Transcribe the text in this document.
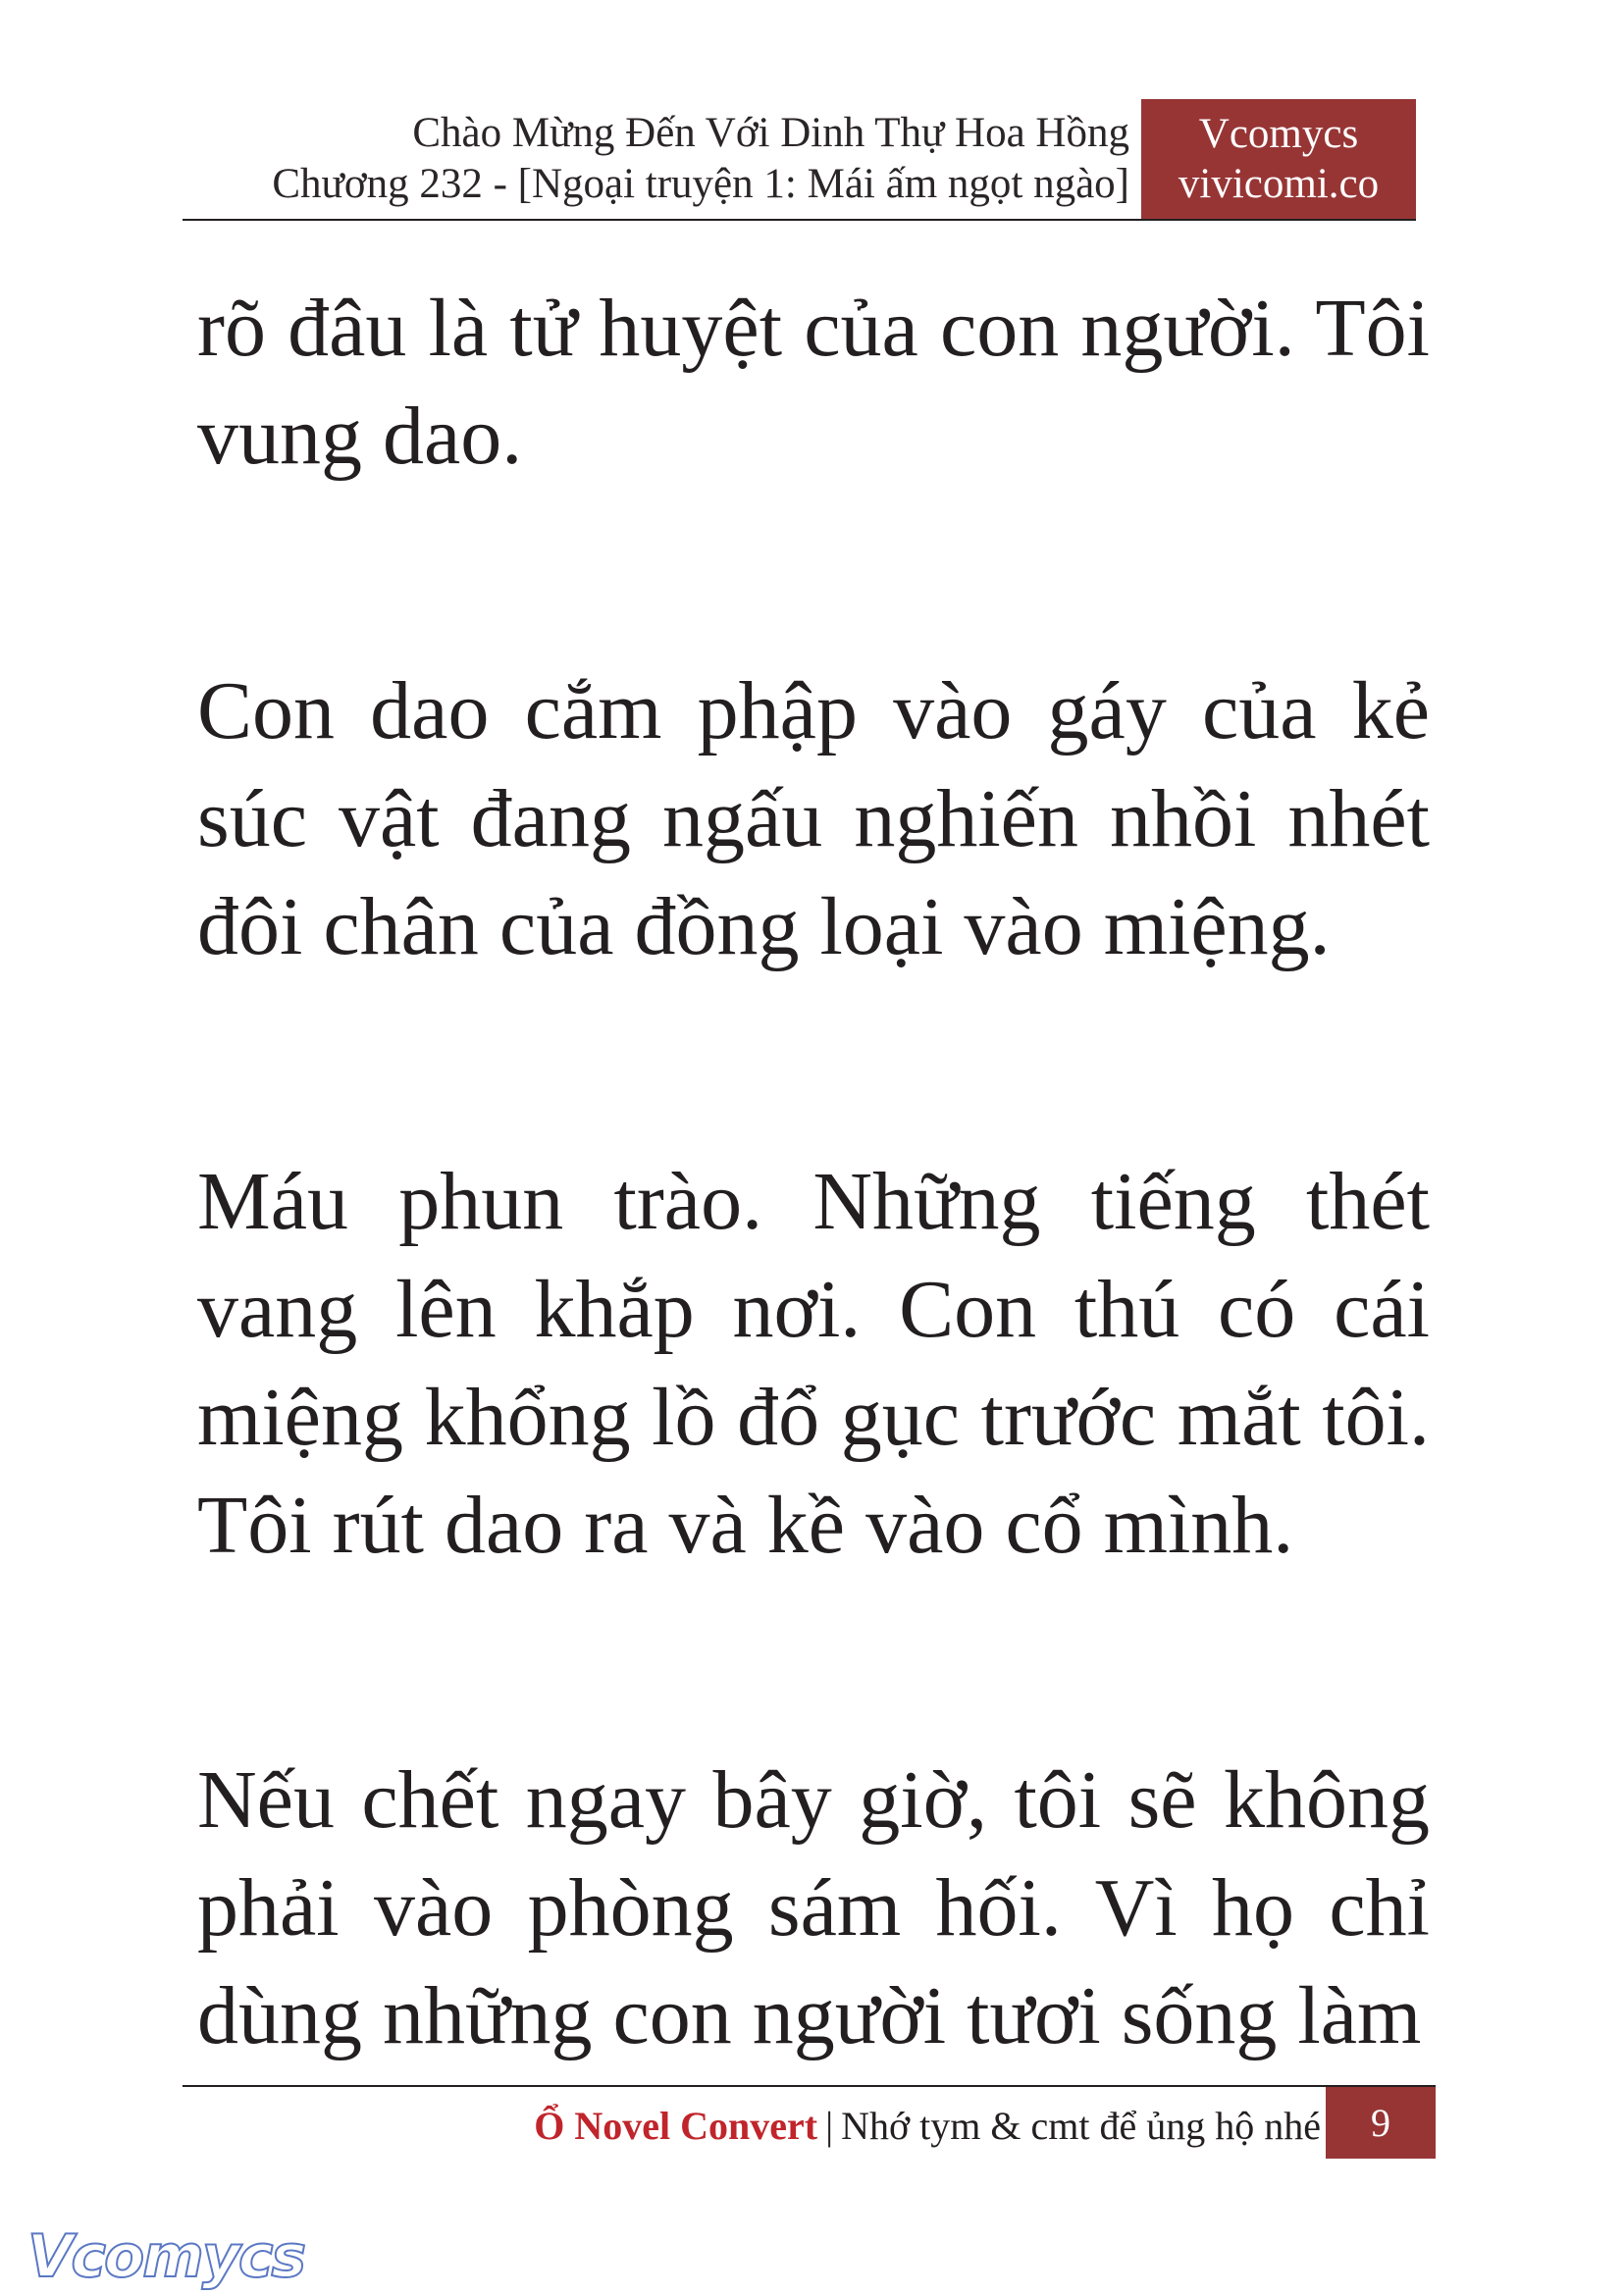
Chào Mừng Đến Với Dinh Thự Hoa Hồng
Chương 232 - [Ngoại truyện 1: Mái ấm ngọt ngào]
Vcomycs
vivicomi.co

rõ đâu là tử huyệt của con người. Tôi vung dao.

Con dao cắm phập vào gáy của kẻ súc vật đang ngấu nghiến nhồi nhét đôi chân của đồng loại vào miệng.

Máu phun trào. Những tiếng thét vang lên khắp nơi. Con thú có cái miệng khổng lồ đổ gục trước mắt tôi. Tôi rút dao ra và kề vào cổ mình.

Nếu chết ngay bây giờ, tôi sẽ không phải vào phòng sám hối. Vì họ chỉ dùng những con người tươi sống làm

Ổ Novel Convert | Nhớ tym & cmt để ủng hộ nhé	9
Vcomycs
